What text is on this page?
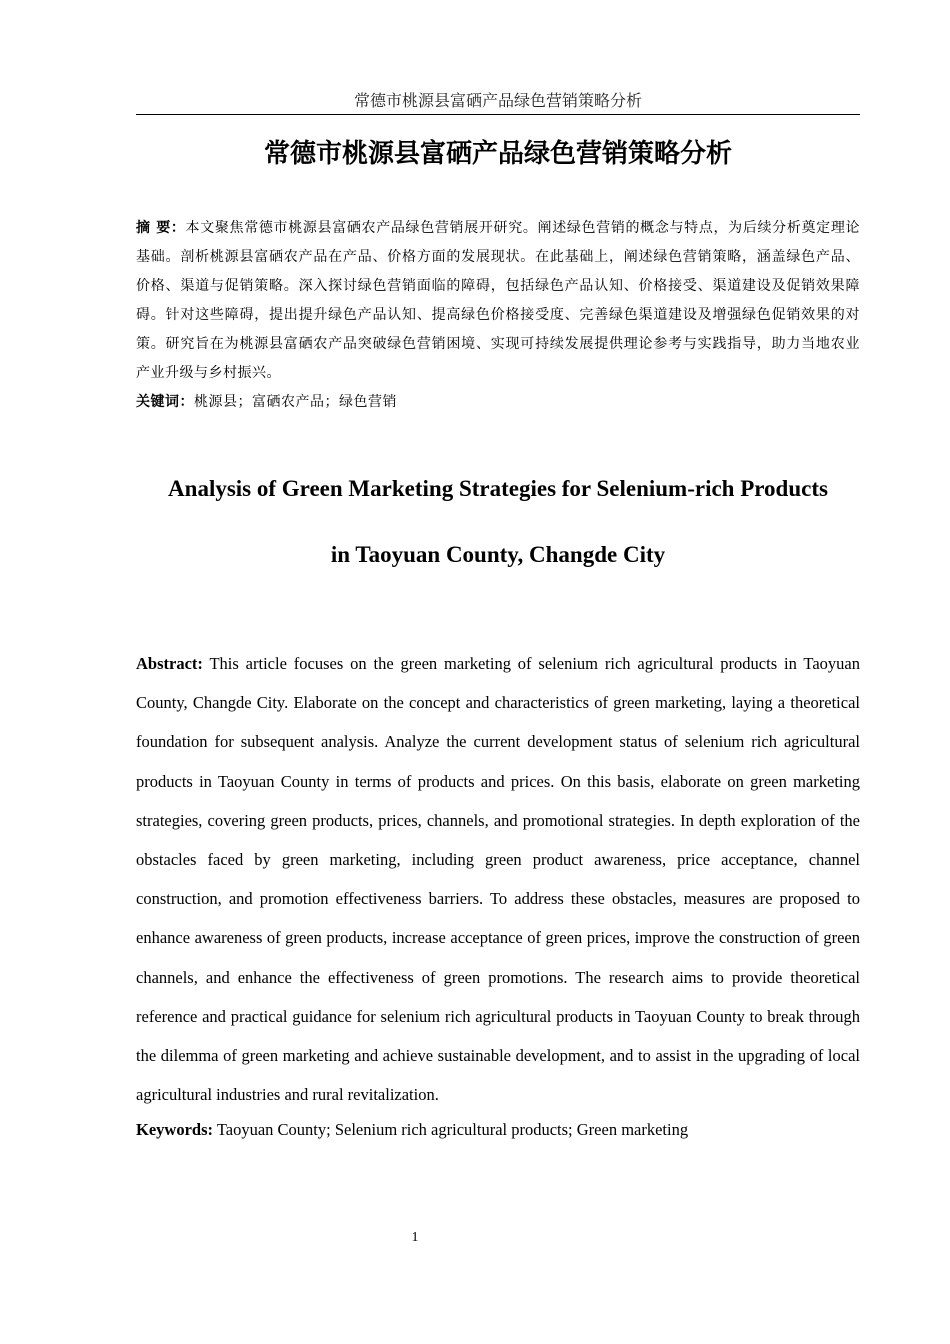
常德市桃源县富硒产品绿色营销策略分析
常德市桃源县富硒产品绿色营销策略分析
摘 要：本文聚焦常德市桃源县富硒农产品绿色营销展开研究。阐述绿色营销的概念与特点，为后续分析奠定理论基础。剖析桃源县富硒农产品在产品、价格方面的发展现状。在此基础上，阐述绿色营销策略，涵盖绿色产品、价格、渠道与促销策略。深入探讨绿色营销面临的障碍，包括绿色产品认知、价格接受、渠道建设及促销效果障碍。针对这些障碍，提出提升绿色产品认知、提高绿色价格接受度、完善绿色渠道建设及增强绿色促销效果的对策。研究旨在为桃源县富硒农产品突破绿色营销困境、实现可持续发展提供理论参考与实践指导，助力当地农业产业升级与乡村振兴。
关键词：桃源县；富硒农产品；绿色营销
Analysis of Green Marketing Strategies for Selenium-rich Products
in Taoyuan County, Changde City
Abstract: This article focuses on the green marketing of selenium rich agricultural products in Taoyuan County, Changde City. Elaborate on the concept and characteristics of green marketing, laying a theoretical foundation for subsequent analysis. Analyze the current development status of selenium rich agricultural products in Taoyuan County in terms of products and prices. On this basis, elaborate on green marketing strategies, covering green products, prices, channels, and promotional strategies. In depth exploration of the obstacles faced by green marketing, including green product awareness, price acceptance, channel construction, and promotion effectiveness barriers. To address these obstacles, measures are proposed to enhance awareness of green products, increase acceptance of green prices, improve the construction of green channels, and enhance the effectiveness of green promotions. The research aims to provide theoretical reference and practical guidance for selenium rich agricultural products in Taoyuan County to break through the dilemma of green marketing and achieve sustainable development, and to assist in the upgrading of local agricultural industries and rural revitalization.
Keywords: Taoyuan County; Selenium rich agricultural products; Green marketing
1
